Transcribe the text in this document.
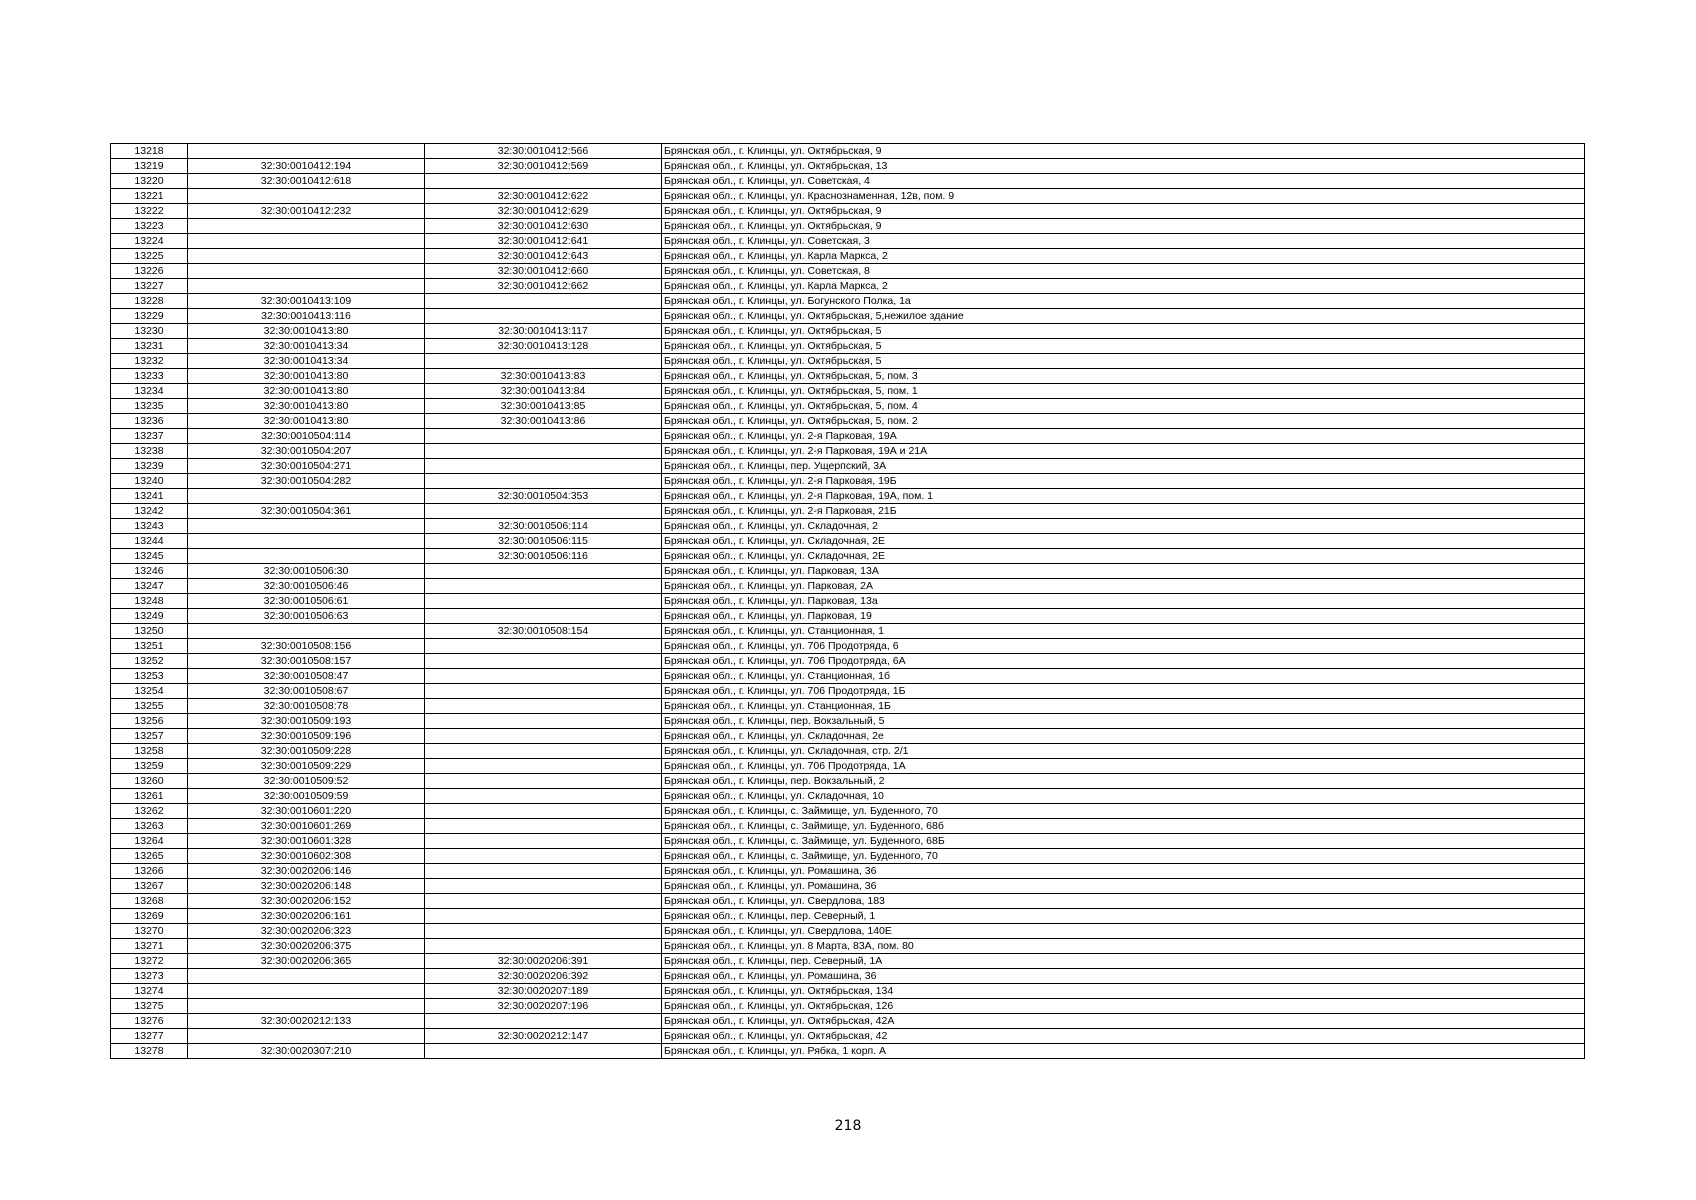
13218		32:30:0010412:566	Брянская обл., г. Клинцы, ул. Октябрьская, 9
13219	32:30:0010412:194	32:30:0010412:569	Брянская обл., г. Клинцы, ул. Октябрьская, 13
13220	32:30:0010412:618		Брянская обл., г. Клинцы, ул. Советская, 4
13221		32:30:0010412:622	Брянская обл., г. Клинцы, ул. Краснознаменная, 12в, пом. 9
13222	32:30:0010412:232	32:30:0010412:629	Брянская обл., г. Клинцы, ул. Октябрьская, 9
13223		32:30:0010412:630	Брянская обл., г. Клинцы, ул. Октябрьская, 9
13224		32:30:0010412:641	Брянская обл., г. Клинцы, ул. Советская, 3
13225		32:30:0010412:643	Брянская обл., г. Клинцы, ул. Карла Маркса, 2
13226		32:30:0010412:660	Брянская обл., г. Клинцы, ул. Советская, 8
13227		32:30:0010412:662	Брянская обл., г. Клинцы, ул. Карла Маркса, 2
13228	32:30:0010413:109		Брянская обл., г. Клинцы, ул. Богунского Полка, 1а
13229	32:30:0010413:116		Брянская обл., г. Клинцы, ул. Октябрьская, 5,нежилое здание
13230	32:30:0010413:80	32:30:0010413:117	Брянская обл., г. Клинцы, ул. Октябрьская, 5
13231	32:30:0010413:34	32:30:0010413:128	Брянская обл., г. Клинцы, ул. Октябрьская, 5
13232	32:30:0010413:34		Брянская обл., г. Клинцы, ул. Октябрьская, 5
13233	32:30:0010413:80	32:30:0010413:83	Брянская обл., г. Клинцы, ул. Октябрьская, 5, пом. 3
13234	32:30:0010413:80	32:30:0010413:84	Брянская обл., г. Клинцы, ул. Октябрьская, 5, пом. 1
13235	32:30:0010413:80	32:30:0010413:85	Брянская обл., г. Клинцы, ул. Октябрьская, 5, пом. 4
13236	32:30:0010413:80	32:30:0010413:86	Брянская обл., г. Клинцы, ул. Октябрьская, 5, пом. 2
13237	32:30:0010504:114		Брянская обл., г. Клинцы, ул. 2-я Парковая, 19А
13238	32:30:0010504:207		Брянская обл., г. Клинцы, ул. 2-я Парковая, 19А и 21А
13239	32:30:0010504:271		Брянская обл., г. Клинцы, пер. Ущерпский, 3А
13240	32:30:0010504:282		Брянская обл., г. Клинцы, ул. 2-я Парковая, 19Б
13241		32:30:0010504:353	Брянская обл., г. Клинцы, ул. 2-я Парковая, 19А, пом. 1
13242	32:30:0010504:361		Брянская обл., г. Клинцы, ул. 2-я Парковая, 21Б
13243		32:30:0010506:114	Брянская обл., г. Клинцы, ул. Складочная, 2
13244		32:30:0010506:115	Брянская обл., г. Клинцы, ул. Складочная, 2Е
13245		32:30:0010506:116	Брянская обл., г. Клинцы, ул. Складочная, 2Е
13246	32:30:0010506:30		Брянская обл., г. Клинцы, ул. Парковая, 13А
13247	32:30:0010506:46		Брянская обл., г. Клинцы, ул. Парковая, 2А
13248	32:30:0010506:61		Брянская обл., г. Клинцы, ул. Парковая, 13а
13249	32:30:0010506:63		Брянская обл., г. Клинцы, ул. Парковая, 19
13250		32:30:0010508:154	Брянская обл., г. Клинцы, ул. Станционная, 1
13251	32:30:0010508:156		Брянская обл., г. Клинцы, ул. 706 Продотряда, 6
13252	32:30:0010508:157		Брянская обл., г. Клинцы, ул. 706 Продотряда, 6А
13253	32:30:0010508:47		Брянская обл., г. Клинцы, ул. Станционная, 1б
13254	32:30:0010508:67		Брянская обл., г. Клинцы, ул. 706 Продотряда, 1Б
13255	32:30:0010508:78		Брянская обл., г. Клинцы, ул. Станционная, 1Б
13256	32:30:0010509:193		Брянская обл., г. Клинцы, пер. Вокзальный, 5
13257	32:30:0010509:196		Брянская обл., г. Клинцы, ул. Складочная, 2е
13258	32:30:0010509:228		Брянская обл., г. Клинцы, ул. Складочная, стр. 2/1
13259	32:30:0010509:229		Брянская обл., г. Клинцы, ул. 706 Продотряда, 1А
13260	32:30:0010509:52		Брянская обл., г. Клинцы, пер. Вокзальный, 2
13261	32:30:0010509:59		Брянская обл., г. Клинцы, ул. Складочная, 10
13262	32:30:0010601:220		Брянская обл., г. Клинцы, с. Займище, ул. Буденного, 70
13263	32:30:0010601:269		Брянская обл., г. Клинцы, с. Займище, ул. Буденного, 68б
13264	32:30:0010601:328		Брянская обл., г. Клинцы, с. Займище, ул. Буденного, 68Б
13265	32:30:0010602:308		Брянская обл., г. Клинцы, с. Займище, ул. Буденного, 70
13266	32:30:0020206:146		Брянская обл., г. Клинцы, ул. Ромашина, 36
13267	32:30:0020206:148		Брянская обл., г. Клинцы, ул. Ромашина, 36
13268	32:30:0020206:152		Брянская обл., г. Клинцы, ул. Свердлова, 183
13269	32:30:0020206:161		Брянская обл., г. Клинцы, пер. Северный, 1
13270	32:30:0020206:323		Брянская обл., г. Клинцы, ул. Свердлова, 140Е
13271	32:30:0020206:375		Брянская обл., г. Клинцы, ул. 8 Марта, 83А, пом. 80
13272	32:30:0020206:365	32:30:0020206:391	Брянская обл., г. Клинцы, пер. Северный, 1А
13273		32:30:0020206:392	Брянская обл., г. Клинцы, ул. Ромашина, 36
13274		32:30:0020207:189	Брянская обл., г. Клинцы, ул. Октябрьская, 134
13275		32:30:0020207:196	Брянская обл., г. Клинцы, ул. Октябрьская, 126
13276	32:30:0020212:133		Брянская обл., г. Клинцы, ул. Октябрьская, 42А
13277		32:30:0020212:147	Брянская обл., г. Клинцы, ул. Октябрьская, 42
13278	32:30:0020307:210		Брянская обл., г. Клинцы, ул. Рябка, 1 корп. А
218
